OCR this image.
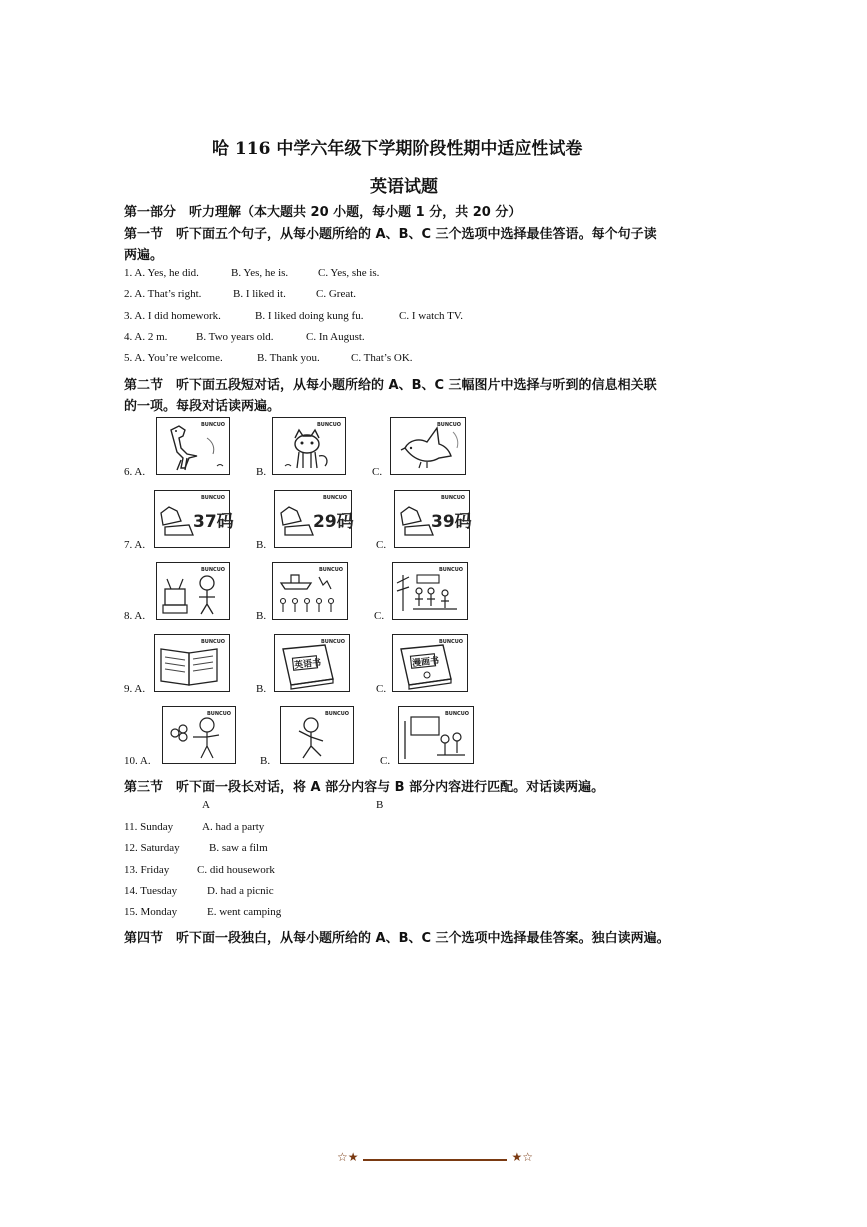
哈 116 中学六年级下学期阶段性期中适应性试卷
英语试题
第一部分　听力理解（本大题共 20 小题，每小题 1 分，共 20 分）
第一节　听下面五个句子，从每小题所给的 A、B、C 三个选项中选择最佳答语。每个句子读
两遍。
1. A. Yes, he did.	B. Yes, he is.	C. Yes, she is.
2. A. That’s right.	B. I liked it.	C. Great.
3. A. I did homework.	B. I liked doing kung fu.	C. I watch TV.
4. A. 2 m.	B. Two years old.	C. In August.
5. A. You’re welcome.	B. Thank you.	C. That’s OK.
第二节　听下面五段短对话，从每小题所给的 A、B、C 三幅图片中选择与听到的信息相关联
的一项。每段对话读两遍。
6. A.	B.	C.
BUNCUO	BUNCUO	BUNCUO
7. A.	B.	C.
BUNCUO
37码
BUNCUO
29码
BUNCUO
39码
8. A.	B.	C.
BUNCUO	BUNCUO	BUNCUO
9. A.	B.	C.
BUNCUO	BUNCUO
英语书
BUNCUO
漫画书
10. A.	B.	C.
BUNCUO	BUNCUO	BUNCUO
第三节　听下面一段长对话，将 A 部分内容与 B 部分内容进行匹配。对话读两遍。
A	B
11. Sunday	A. had a party
12. Saturday	B. saw a film
13. Friday	C. did housework
14. Tuesday	D. had a picnic
15. Monday	E. went camping
第四节　听下面一段独白，从每小题所给的 A、B、C 三个选项中选择最佳答案。独白读两遍。
☆★	★☆
